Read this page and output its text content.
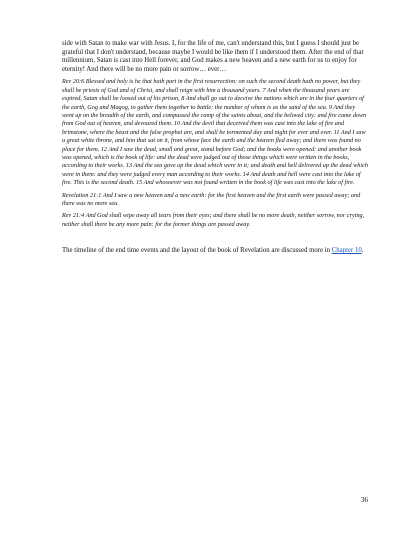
side with Satan to make war with Jesus. I, for the life of me, can't understand this, but I guess I should just be grateful that I don't understand, because maybe I would be like them if I understood them. After the end of that millennium, Satan is cast into Hell forever, and God makes a new heaven and a new earth for us to enjoy for eternity! And there will be no more pain or sorrow… ever…

Rev 20:6 Blessed and holy is he that hath part in the first resurrection: on such the second death hath no power, but they shall be priests of God and of Christ, and shall reign with him a thousand years. 7 And when the thousand years are expired, Satan shall be loosed out of his prison, 8 And shall go out to deceive the nations which are in the four quarters of the earth, Gog and Magog, to gather them together to battle: the number of whom is as the sand of the sea. 9 And they went up on the breadth of the earth, and compassed the camp of the saints about, and the beloved city: and fire came down from God out of heaven, and devoured them. 10 And the devil that deceived them was cast into the lake of fire and brimstone, where the beast and the false prophet are, and shall be tormented day and night for ever and ever. 11 And I saw a great white throne, and him that sat on it, from whose face the earth and the heaven fled away; and there was found no place for them. 12 And I saw the dead, small and great, stand before God; and the books were opened: and another book was opened, which is the book of life: and the dead were judged out of those things which were written in the books, according to their works. 13 And the sea gave up the dead which were in it; and death and hell delivered up the dead which were in them: and they were judged every man according to their works. 14 And death and hell were cast into the lake of fire. This is the second death. 15 And whosoever was not found written in the book of life was cast into the lake of fire.

Revelation 21:1 And I saw a new heaven and a new earth: for the first heaven and the first earth were passed away; and there was no more sea.

Rev 21:4 And God shall wipe away all tears from their eyes; and there shall be no more death, neither sorrow, nor crying, neither shall there be any more pain: for the former things are passed away.

The timeline of the end time events and the layout of the book of Revelation are discussed more in Chapter 10.

36
